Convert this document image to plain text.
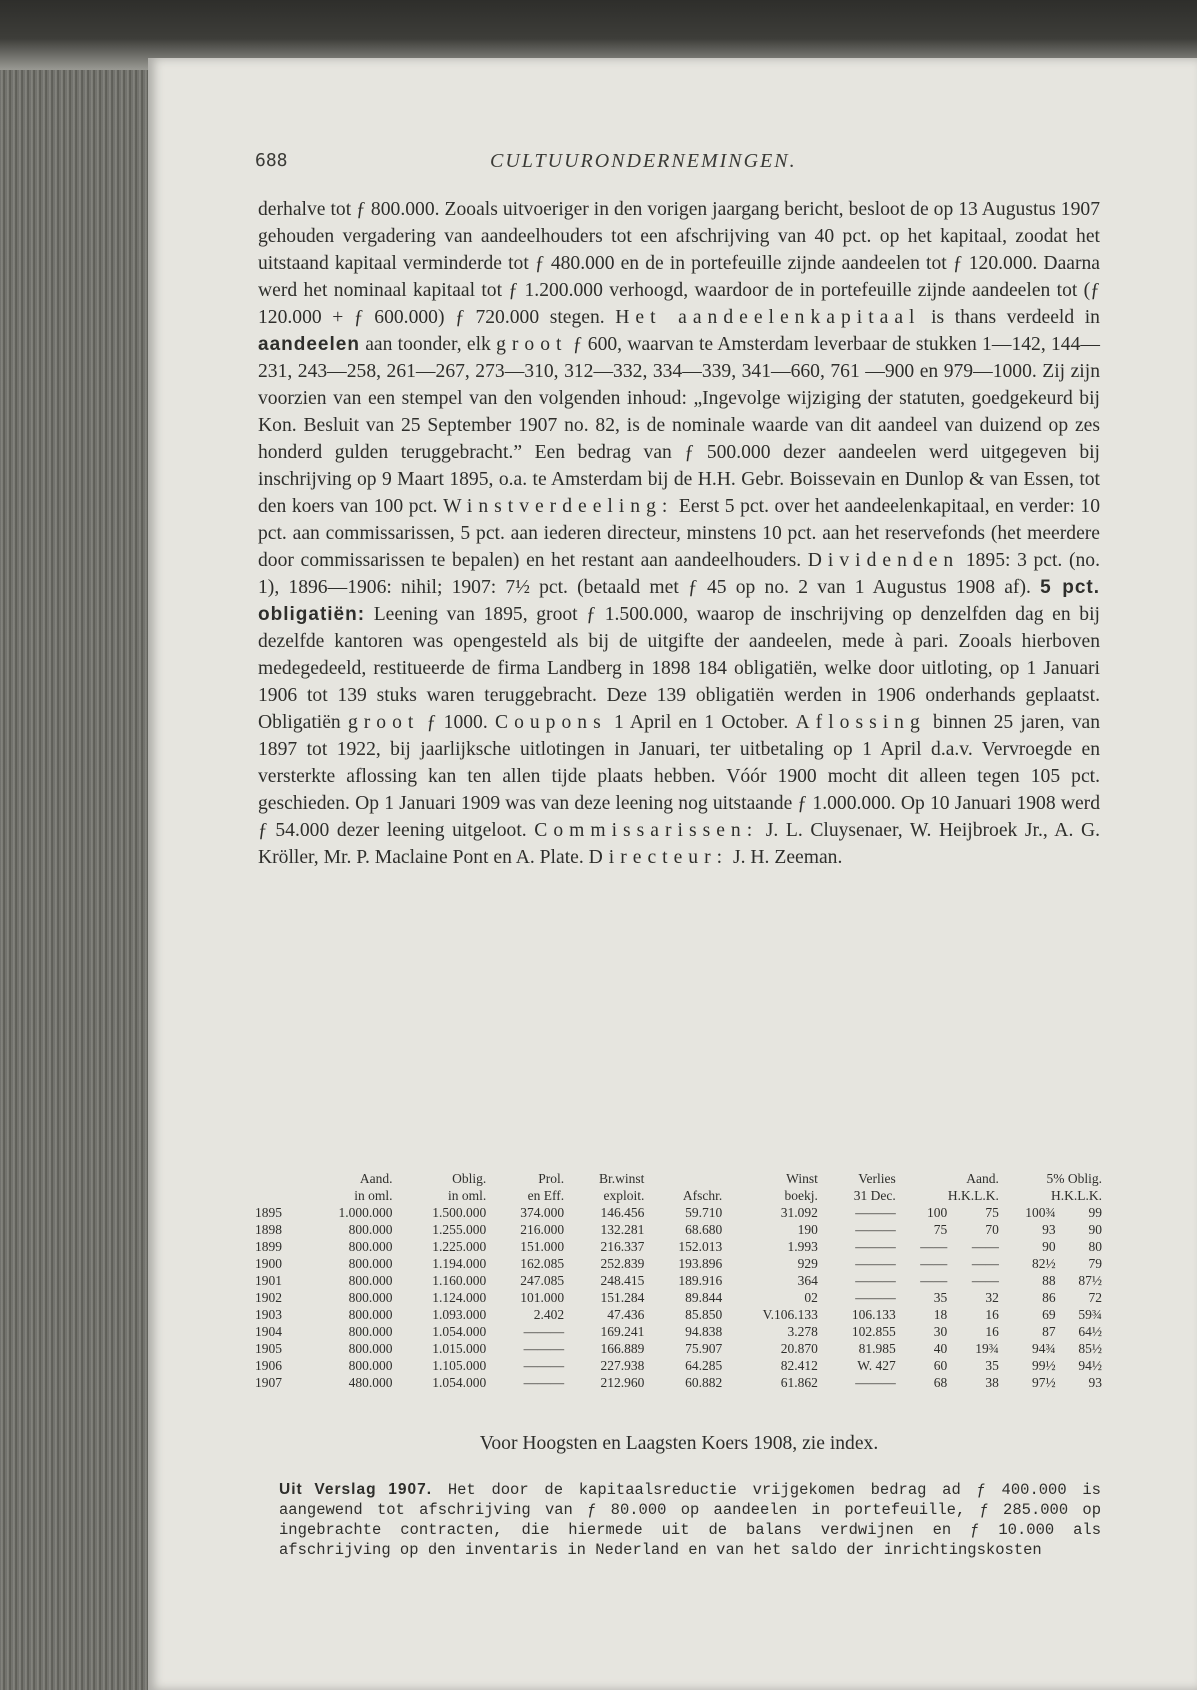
688	CULTUURONDERNEMINGEN.

derhalve tot ƒ 800.000. Zooals uitvoeriger in den vorigen jaargang bericht, besloot de op 13 Augustus 1907 gehouden vergadering van aandeelhouders tot een afschrijving van 40 pct. op het kapitaal, zoodat het uitstaand kapitaal verminderde tot ƒ 480.000 en de in portefeuille zijnde aandeelen tot ƒ 120.000. Daarna werd het nominaal kapitaal tot ƒ 1.200.000 verhoogd, waardoor de in portefeuille zijnde aandeelen tot (ƒ 120.000 + ƒ 600.000) ƒ 720.000 stegen. Het aandeelenkapitaal is thans verdeeld in aandeelen aan toonder, elk groot ƒ 600, waarvan te Amsterdam leverbaar de stukken 1—142, 144—231, 243—258, 261—267, 273—310, 312—332, 334—339, 341—660, 761 —900 en 979—1000. Zij zijn voorzien van een stempel van den volgenden inhoud: „Ingevolge wijziging der statuten, goedgekeurd bij Kon. Besluit van 25 September 1907 no. 82, is de nominale waarde van dit aandeel van duizend op zes honderd gulden teruggebracht.” Een bedrag van ƒ 500.000 dezer aandeelen werd uitgegeven bij inschrijving op 9 Maart 1895, o.a. te Amsterdam bij de H.H. Gebr. Boissevain en Dunlop & van Essen, tot den koers van 100 pct. Winstverdeeling: Eerst 5 pct. over het aandeelenkapitaal, en verder: 10 pct. aan commissarissen, 5 pct. aan iederen directeur, minstens 10 pct. aan het reservefonds (het meerdere door commissarissen te bepalen) en het restant aan aandeelhouders. Dividenden 1895: 3 pct. (no. 1), 1896—1906: nihil; 1907: 7½ pct. (betaald met ƒ 45 op no. 2 van 1 Augustus 1908 af). 5 pct. obligatiën: Leening van 1895, groot ƒ 1.500.000, waarop de inschrijving op denzelfden dag en bij dezelfde kantoren was opengesteld als bij de uitgifte der aandeelen, mede à pari. Zooals hierboven medegedeeld, restitueerde de firma Landberg in 1898 184 obligatiën, welke door uitloting, op 1 Januari 1906 tot 139 stuks waren teruggebracht. Deze 139 obligatiën werden in 1906 onderhands geplaatst. Obligatiën groot ƒ 1000. Coupons 1 April en 1 October. Aflossing binnen 25 jaren, van 1897 tot 1922, bij jaarlijksche uitlotingen in Januari, ter uitbetaling op 1 April d.a.v. Vervroegde en versterkte aflossing kan ten allen tijde plaats hebben. Vóór 1900 mocht dit alleen tegen 105 pct. geschieden. Op 1 Januari 1909 was van deze leening nog uitstaande ƒ 1.000.000. Op 10 Januari 1908 werd ƒ 54.000 dezer leening uitgeloot. Commissarissen: J. L. Cluysenaer, W. Heijbroek Jr., A. G. Kröller, Mr. P. Maclaine Pont en A. Plate. Directeur: J. H. Zeeman.

	Aand.	Oblig.	Prol.	Br.winst		Winst	Verlies	Aand.		5% Oblig.	
	in oml.	in oml.	en Eff.	exploit.	Afschr.	boekj.	31 Dec.	H.K.L.K.		H.K.L.K.	
1895	1.000.000	1.500.000	374.000	146.456	59.710	31.092	———	100	75	100¾	99
1898	800.000	1.255.000	216.000	132.281	68.680	190	———	75	70	93	90
1899	800.000	1.225.000	151.000	216.337	152.013	1.993	———	——	——	90	80
1900	800.000	1.194.000	162.085	252.839	193.896	929	———	——	——	82½	79
1901	800.000	1.160.000	247.085	248.415	189.916	364	———	——	——	88	87½
1902	800.000	1.124.000	101.000	151.284	89.844	02	———	35	32	86	72
1903	800.000	1.093.000	2.402	47.436	85.850	V.106.133	106.133	18	16	69	59¾
1904	800.000	1.054.000	———	169.241	94.838	3.278	102.855	30	16	87	64½
1905	800.000	1.015.000	———	166.889	75.907	20.870	81.985	40	19¾	94¾	85½
1906	800.000	1.105.000	———	227.938	64.285	82.412	W. 427	60	35	99½	94½
1907	480.000	1.054.000	———	212.960	60.882	61.862	———	68	38	97½	93
Voor Hoogsten en Laagsten Koers 1908, zie index.
Uit Verslag 1907. Het door de kapitaalsreductie vrijgekomen bedrag ad ƒ 400.000 is aangewend tot afschrijving van ƒ 80.000 op aandeelen in portefeuille, ƒ 285.000 op ingebrachte contracten, die hiermede uit de balans verdwijnen en ƒ 10.000 als afschrijving op den inventaris in Nederland en van het saldo der inrichtingskosten
